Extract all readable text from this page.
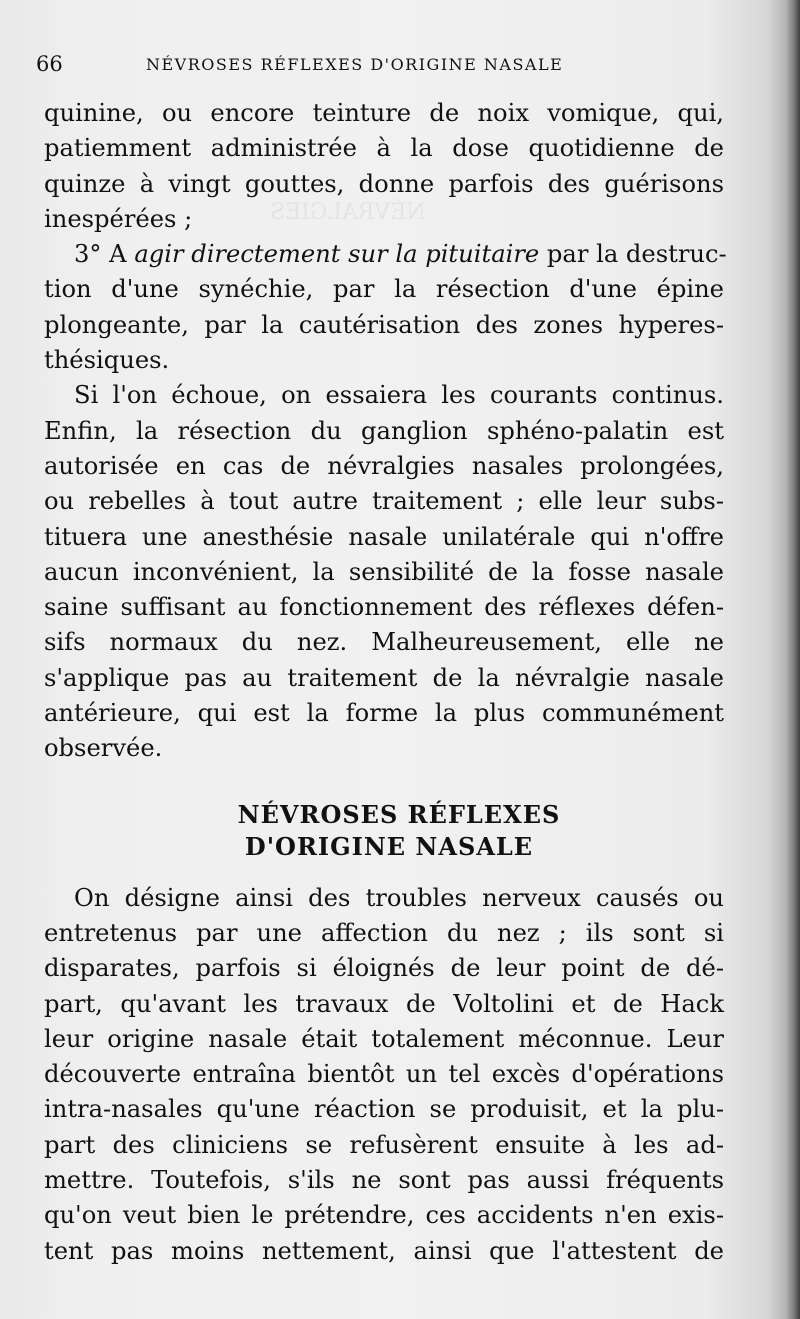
NÉVRALGIES
66	NÉVROSES RÉFLEXES D'ORIGINE NASALE

quinine, ou encore teinture de noix vomique, qui,
patiemment administrée à la dose quotidienne de
quinze à vingt gouttes, donne parfois des guérisons
inespérées ;

3° A agir directement sur la pituitaire par la destruc-
tion d'une synéchie, par la résection d'une épine
plongeante, par la cautérisation des zones hyperes-
thésiques.

Si l'on échoue, on essaiera les courants continus.
Enfin, la résection du ganglion sphéno-palatin est
autorisée en cas de névralgies nasales prolongées,
ou rebelles à tout autre traitement ; elle leur subs-
tituera une anesthésie nasale unilatérale qui n'offre
aucun inconvénient, la sensibilité de la fosse nasale
saine suffisant au fonctionnement des réflexes défen-
sifs normaux du nez. Malheureusement, elle ne
s'applique pas au traitement de la névralgie nasale
antérieure, qui est la forme la plus communément
observée.

NÉVROSES RÉFLEXES
D'ORIGINE NASALE

On désigne ainsi des troubles nerveux causés ou
entretenus par une affection du nez ; ils sont si
disparates, parfois si éloignés de leur point de dé-
part, qu'avant les travaux de Voltolini et de Hack
leur origine nasale était totalement méconnue. Leur
découverte entraîna bientôt un tel excès d'opérations
intra-nasales qu'une réaction se produisit, et la plu-
part des cliniciens se refusèrent ensuite à les ad-
mettre. Toutefois, s'ils ne sont pas aussi fréquents
qu'on veut bien le prétendre, ces accidents n'en exis-
tent pas moins nettement, ainsi que l'attestent de
